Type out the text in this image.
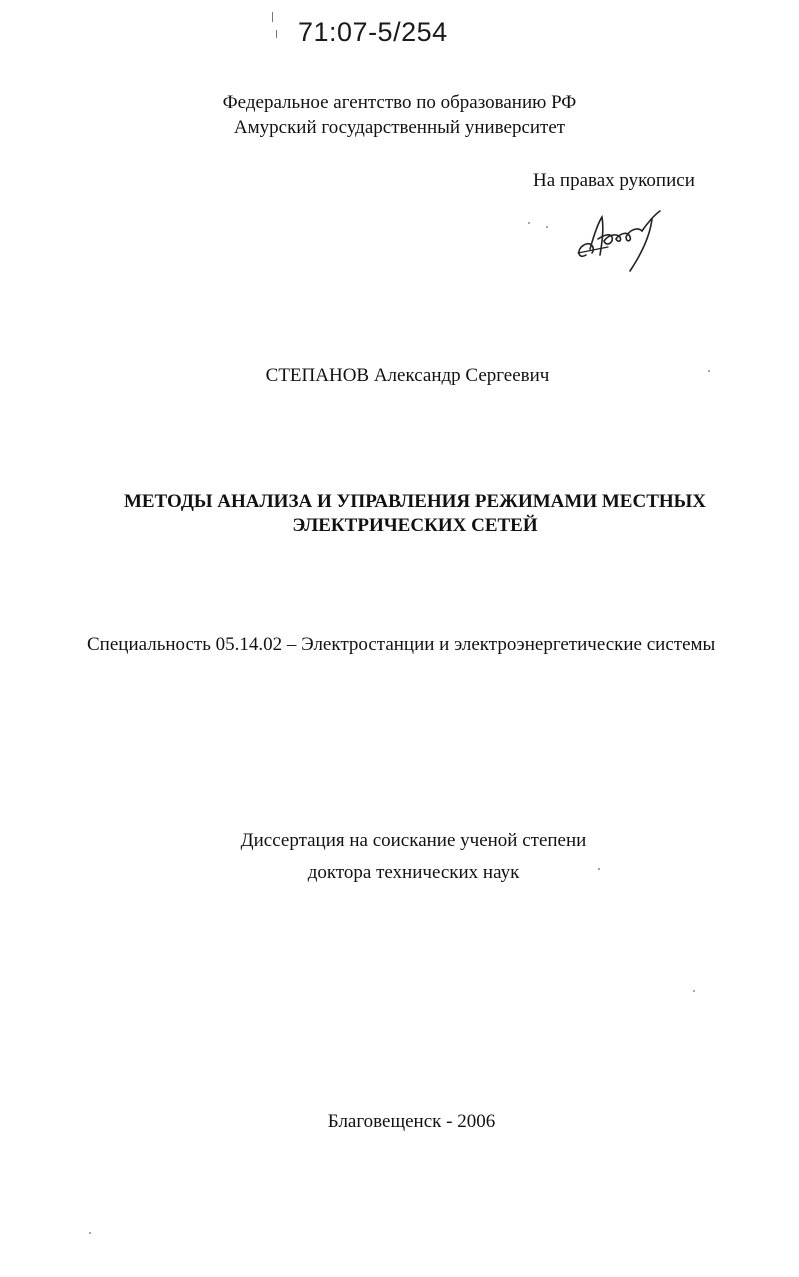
71:07-5/254
Федеральное агентство по образованию РФ
Амурский государственный университет
На правах рукописи
СТЕПАНОВ Александр Сергеевич
МЕТОДЫ АНАЛИЗА И УПРАВЛЕНИЯ РЕЖИМАМИ МЕСТНЫХ
ЭЛЕКТРИЧЕСКИХ СЕТЕЙ
Специальность 05.14.02 – Электростанции и электроэнергетические системы
Диссертация на соискание ученой степени
доктора технических наук
Благовещенск - 2006
